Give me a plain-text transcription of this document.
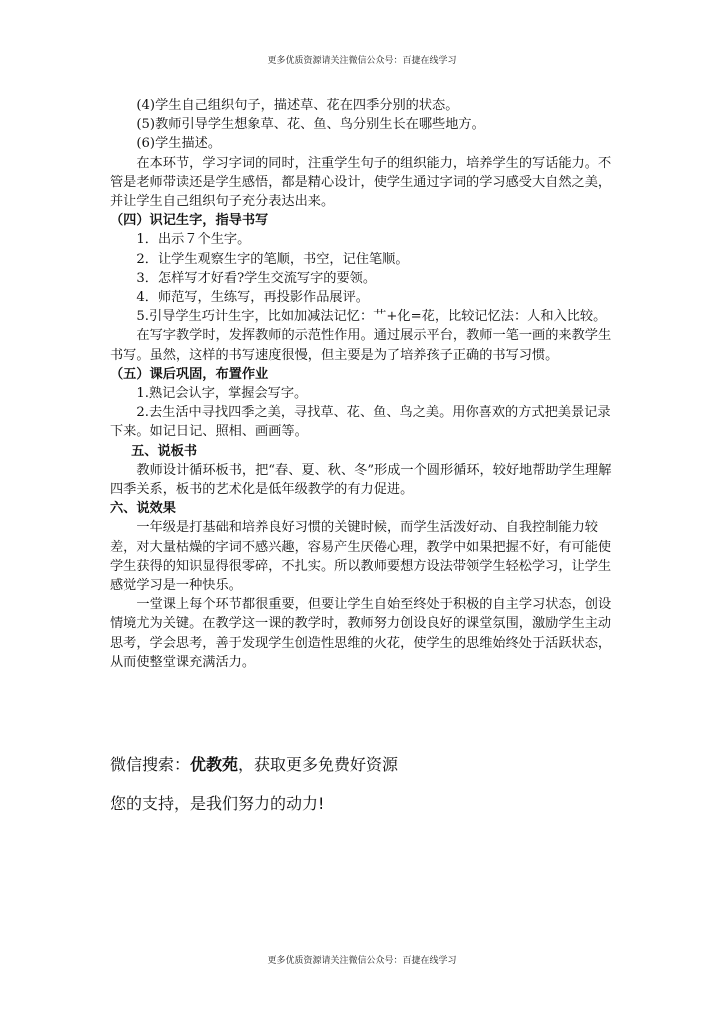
更多优质资源请关注微信公众号：百捷在线学习

(4)学生自己组织句子，描述草、花在四季分别的状态。

(5)教师引导学生想象草、花、鱼、鸟分别生长在哪些地方。

(6)学生描述。

在本环节，学习字词的同时，注重学生句子的组织能力，培养学生的写话能力。不管是老师带读还是学生感悟，都是精心设计，使学生通过字词的学习感受大自然之美，并让学生自己组织句子充分表达出来。

（四）识记生字，指导书写

1．出示７个生字。

2．让学生观察生字的笔顺，书空，记住笔顺。

3．怎样写才好看?学生交流写字的要领。

4．师范写，生练写，再投影作品展评。

5.引导学生巧计生字，比如加减法记忆：艹+化=花，比较记忆法：人和入比较。

在写字教学时，发挥教师的示范性作用。通过展示平台，教师一笔一画的来教学生书写。虽然，这样的书写速度很慢，但主要是为了培养孩子正确的书写习惯。

（五）课后巩固，布置作业

1.熟记会认字，掌握会写字。

2.去生活中寻找四季之美，寻找草、花、鱼、鸟之美。用你喜欢的方式把美景记录下来。如记日记、照相、画画等。

五、说板书

教师设计循环板书，把“春、夏、秋、冬”形成一个圆形循环，较好地帮助学生理解四季关系，板书的艺术化是低年级教学的有力促进。

六、说效果

一年级是打基础和培养良好习惯的关键时候，而学生活泼好动、自我控制能力较差，对大量枯燥的字词不感兴趣，容易产生厌倦心理，教学中如果把握不好，有可能使学生获得的知识显得很零碎，不扎实。所以教师要想方设法带领学生轻松学习，让学生感觉学习是一种快乐。

一堂课上每个环节都很重要，但要让学生自始至终处于积极的自主学习状态，创设情境尤为关键。在教学这一课的教学时，教师努力创设良好的课堂氛围，激励学生主动思考，学会思考，善于发现学生创造性思维的火花，使学生的思维始终处于活跃状态，从而使整堂课充满活力。

微信搜索：优教苑，获取更多免费好资源
您的支持，是我们努力的动力!
更多优质资源请关注微信公众号：百捷在线学习
